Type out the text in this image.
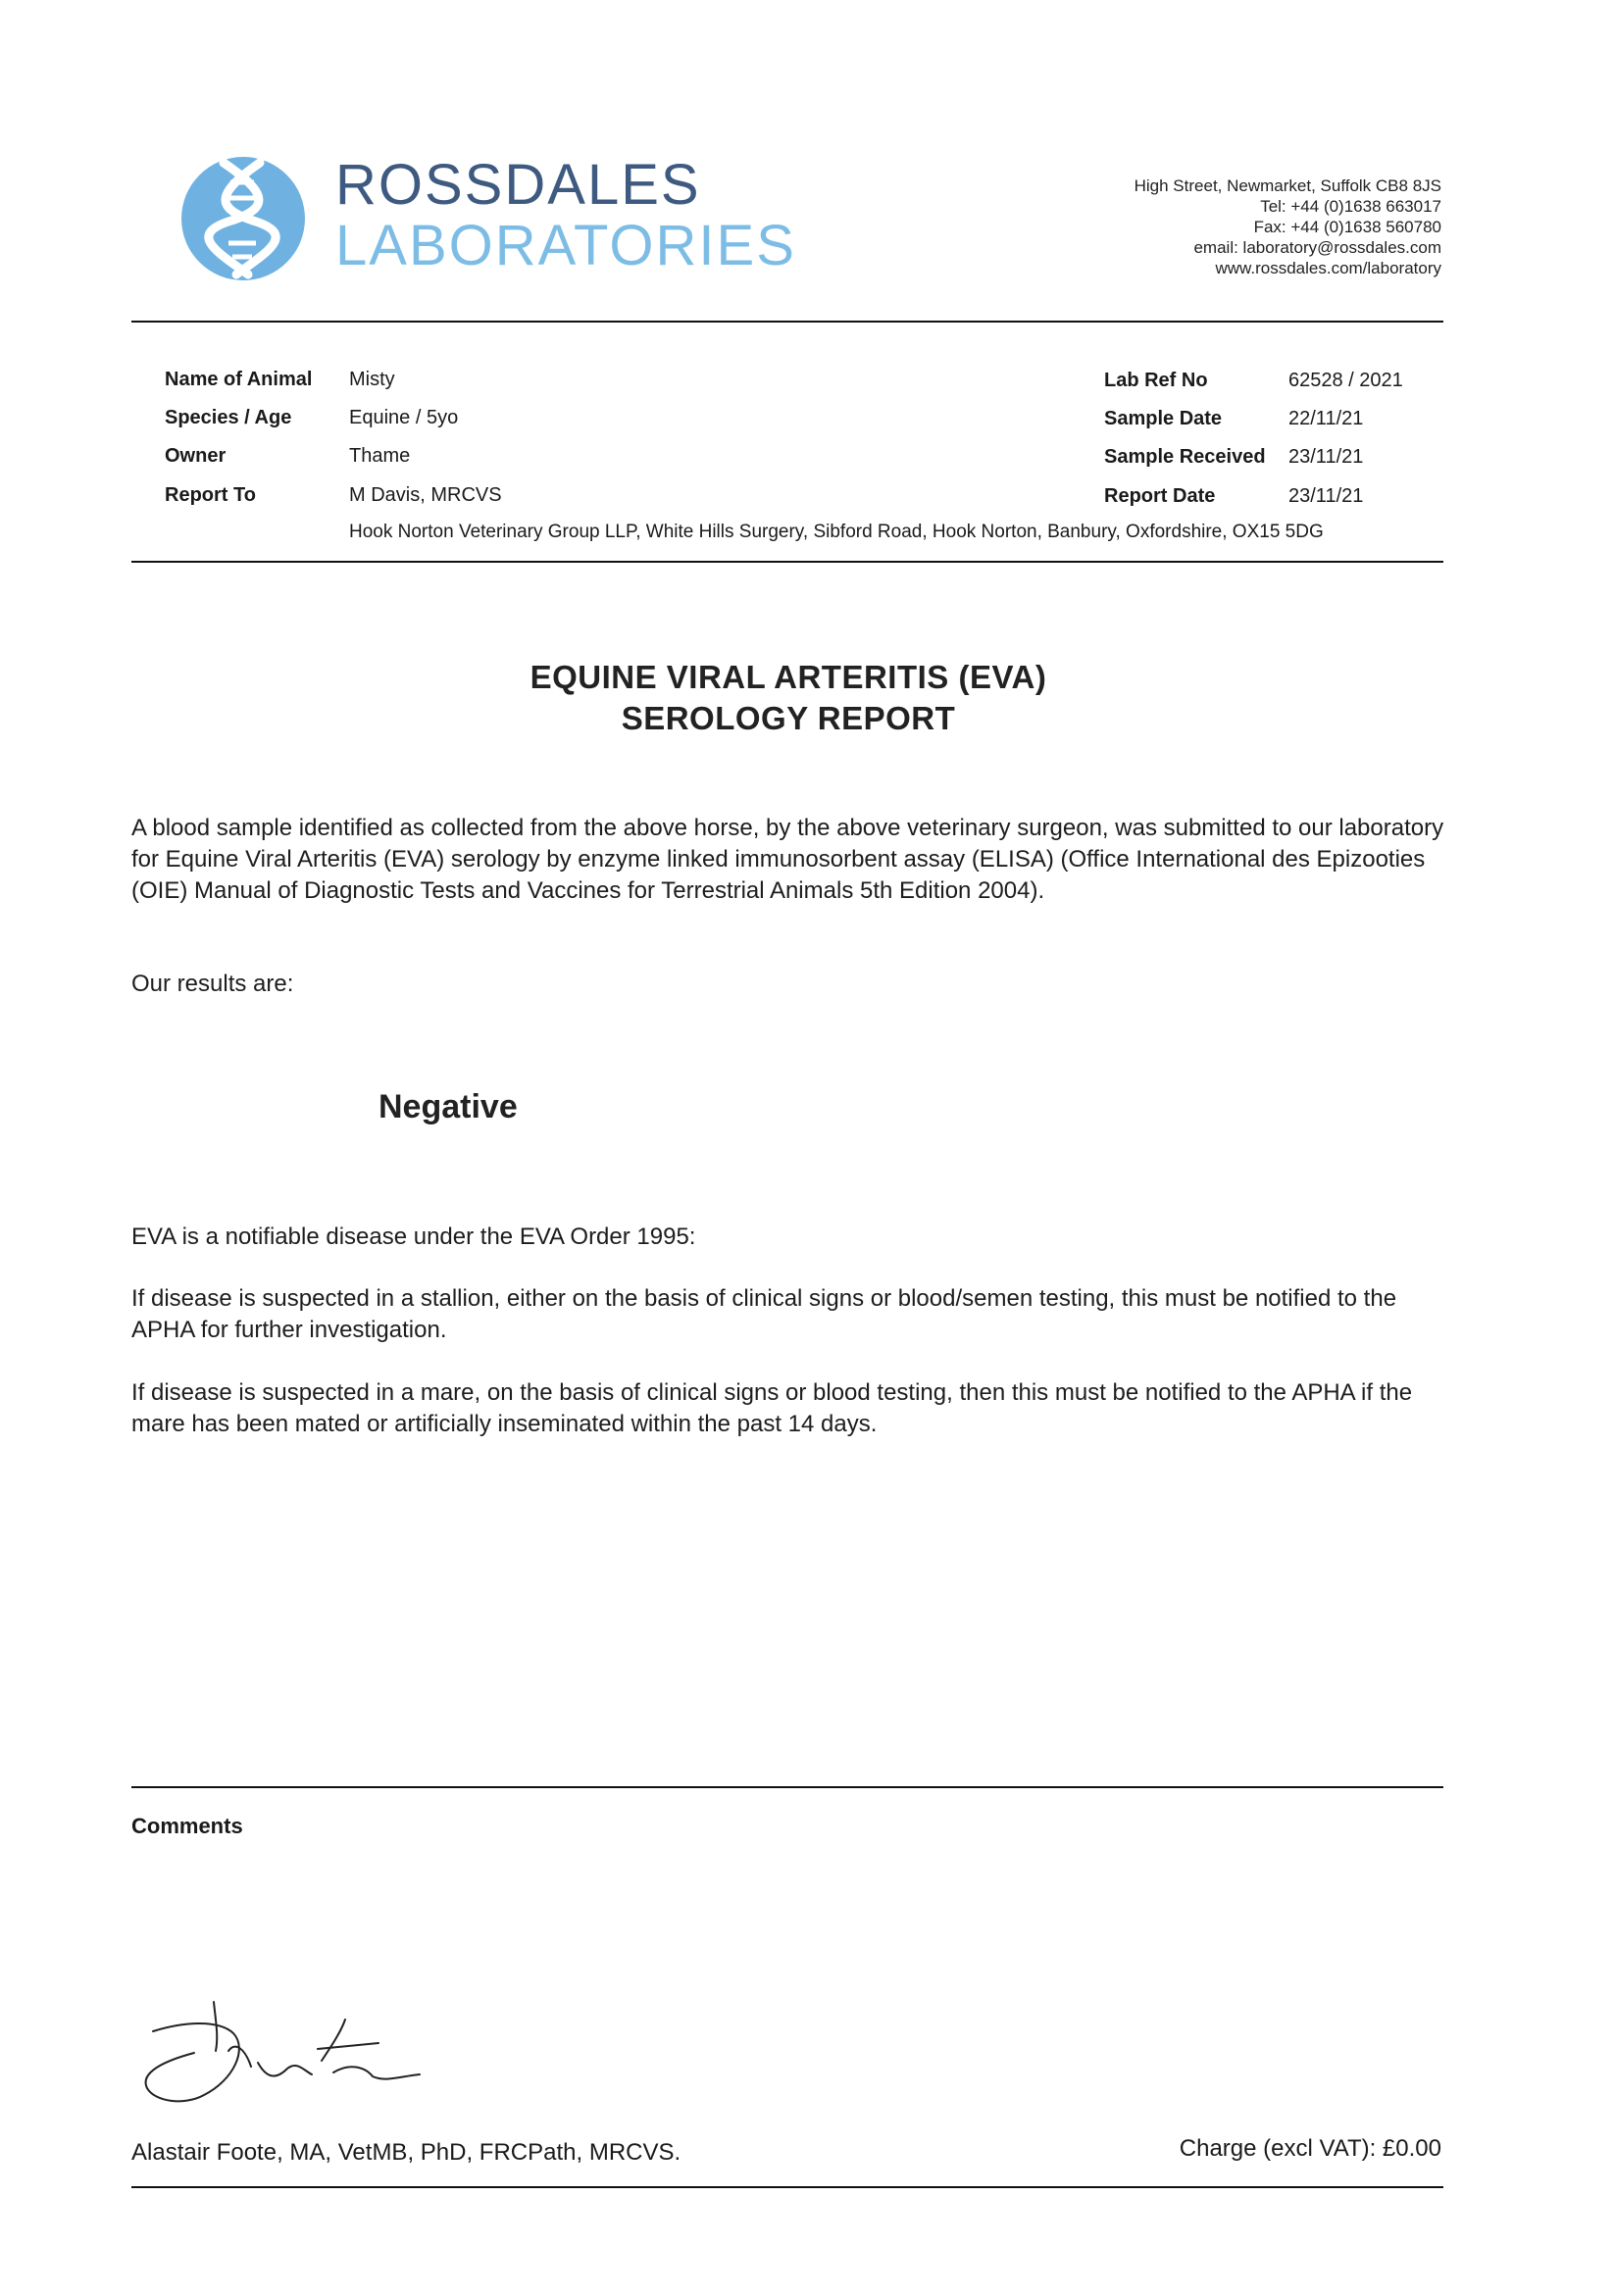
ROSSDALES
LABORATORIES
High Street, Newmarket, Suffolk CB8 8JS
Tel: +44 (0)1638 663017
Fax: +44 (0)1638 560780
email: laboratory@rossdales.com
www.rossdales.com/laboratory
Name of Animal Misty
Species / Age	Equine / 5yo
Owner	Thame
Report To	M Davis, MRCVS
Hook Norton Veterinary Group LLP, White Hills Surgery, Sibford Road, Hook Norton, Banbury, Oxfordshire, OX15 5DG
Lab Ref No	62528 / 2021
Sample Date	22/11/21
Sample Received 23/11/21
Report Date	23/11/21
EQUINE VIRAL ARTERITIS (EVA)
SEROLOGY REPORT
A blood sample identified as collected from the above horse, by the above veterinary surgeon, was submitted to our laboratory for Equine Viral Arteritis (EVA) serology by enzyme linked immunosorbent assay (ELISA) (Office International des Epizooties (OIE) Manual of Diagnostic Tests and Vaccines for Terrestrial Animals 5th Edition 2004).
Our results are:
Negative
EVA is a notifiable disease under the EVA Order 1995:
If disease is suspected in a stallion, either on the basis of clinical signs or blood/semen testing, this must be notified to the APHA for further investigation.
If disease is suspected in a mare, on the basis of clinical signs or blood testing, then this must be notified to the APHA if the mare has been mated or artificially inseminated within the past 14 days.
Comments
Alastair Foote, MA, VetMB, PhD, FRCPath, MRCVS.	Charge (excl VAT): £0.00
